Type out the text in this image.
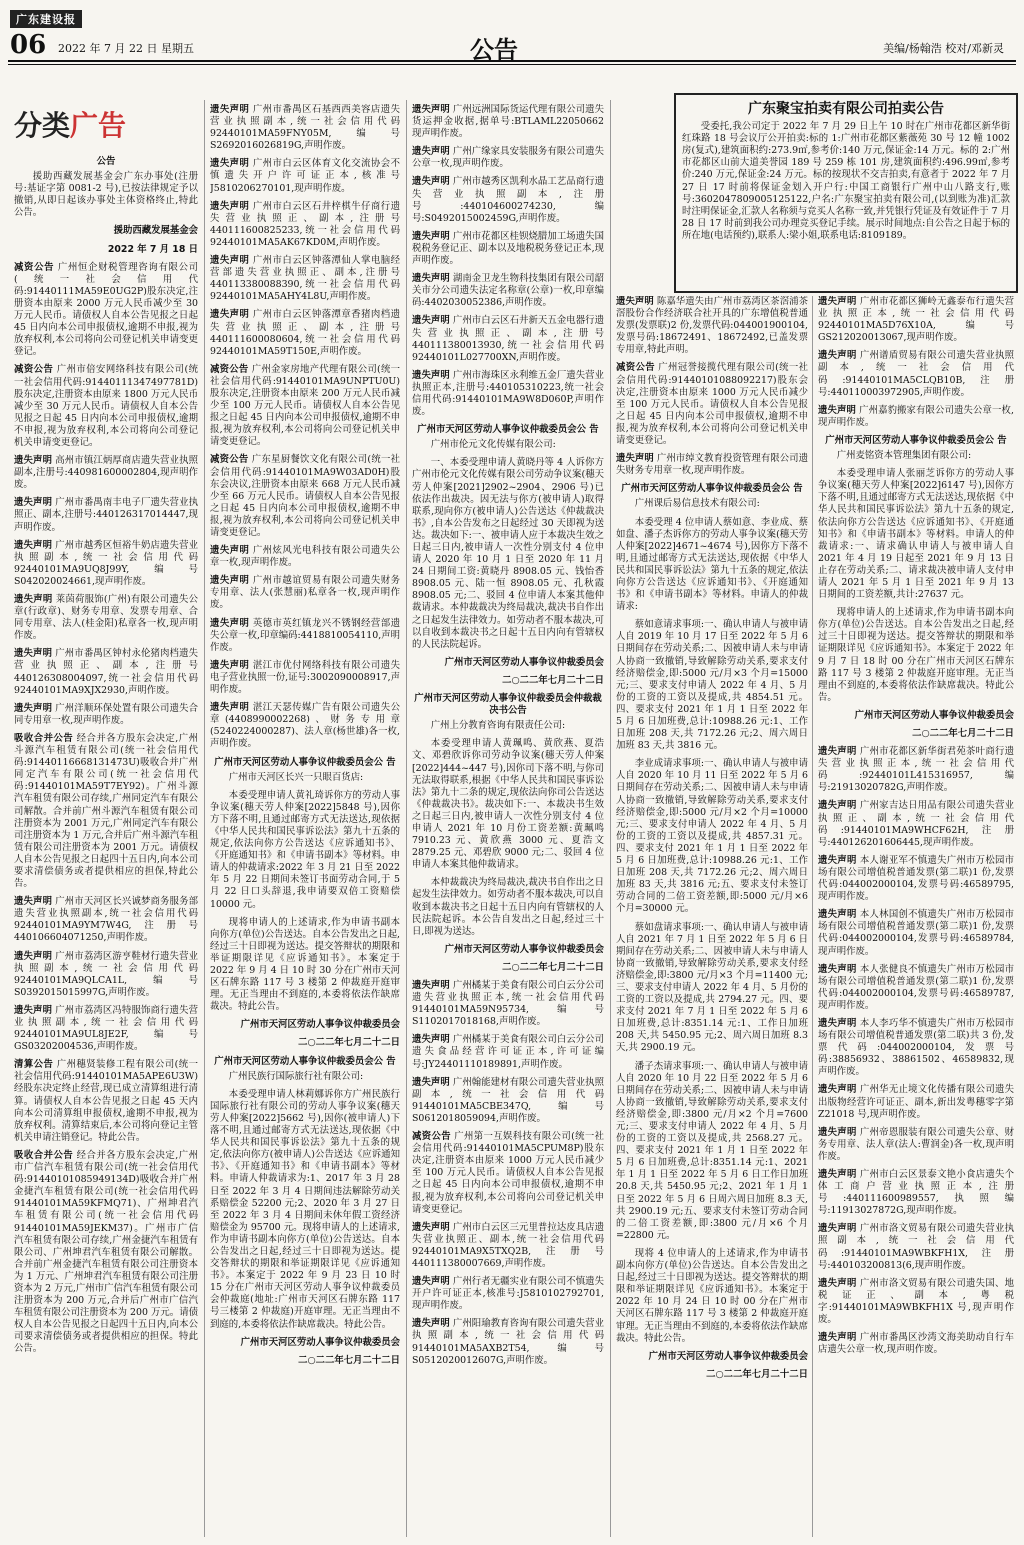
广东建设报
06 2022 年 7 月 22 日 星期五	公告	美编/杨翰浩 校对/邓新灵
分类广告
公告

援助西藏发展基金会广东办事处(注册号:基证字第 0081-2 号),已按法律规定予以撤销,从即日起该办事处主体资格终止,特此公告。

援助西藏发展基金会
2022 年 7 月 18 日

减资公告 广州恒企财税管理咨询有限公司(统一社会信用代码:91440111MA59E0UG2P)股东决定,注册资本由原来 2000 万元人民币减少至 30 万元人民币。请债权人自本公告见报之日起 45 日内向本公司申报债权,逾期不申报,视为放弃权利,本公司将向公司登记机关申请变更登记。

减资公告 广州市倍安网络科技有限公司(统一社会信用代码:91440111347497781D)股东决定,注册资本由原来 1800 万元人民币减少至 30 万元人民币。请债权人自本公告见报之日起 45 日内向本公司申报债权,逾期不申报,视为放弃权利,本公司将向公司登记机关申请变更登记。

遗失声明 高州市镇江炳厚商店遗失营业执照副本,注册号:440981600002804,现声明作废。

遗失声明 广州市番禺南丰电子厂遗失营业执照正、副本,注册号:440126317014447,现声明作废。

遗失声明 广州市越秀区恒裕牛奶店遗失营业执照副本,统一社会信用代码 92440101MA9UQ8J99Y,编号 S042020024661,现声明作废。

遗失声明 莱茵荷服饰(广州)有限公司遗失公章(行政章)、财务专用章、发票专用章、合同专用章、法人(桂金阳)私章各一枚,现声明作废。

遗失声明 广州市番禺区钟村永伦猪肉档遗失营业执照正、副本,注册号 440126308004097,统一社会信用代码 92440101MA9XJX2930,声明作废。

遗失声明 广州洋顺环保处置有限公司遗失合同专用章一枚,现声明作废。

吸收合并公告 经合并各方股东会决定,广州斗源汽车租赁有限公司(统一社会信用代码:91440116668131473U)吸收合并广州同定汽车有限公司(统一社会信用代码:91440101MA59T7EY92)。广州斗源汽车租赁有限公司存续,广州同定汽车有限公司解散。合并前广州斗源汽车租赁有限公司注册资本为 2001 万元,广州同定汽车有限公司注册资本为 1 万元,合并后广州斗源汽车租赁有限公司注册资本为 2001 万元。请债权人自本公告见报之日起四十五日内,向本公司要求清偿债务或者提供相应的担保,特此公告。

遗失声明 广州市天河区长兴诚梦商务服务部遗失营业执照副本,统一社会信用代码 92440101MA9YM7W4G,注册号 440106604071250,声明作废。

遗失声明 广州市荔湾区游亨鞋材行遗失营业执照副本,统一社会信用代码 92440101MA9QLCA1L,编号 S0392015015997G,声明作废。

遗失声明 广州市荔湾区冯特服饰商行遗失营业执照副本,统一社会信用代码 92440101MA9UL8JE2F,编号 GS03202004536,声明作废。

清算公告 广州穗贤装修工程有限公司(统一社会信用代码:91440101MA5APE6U3W)经股东决定终止经营,现已成立清算组进行清算。请债权人自本公告见报之日起 45 天内向本公司清算组申报债权,逾期不申报,视为放弃权利。清算结束后,本公司将向登记主管机关申请注销登记。特此公告。

吸收合并公告 经合并各方股东会决定,广州市广信汽车租赁有限公司(统一社会信用代码:91440101085949134D)吸收合并广州金捷汽车租赁有限公司(统一社会信用代码 91440101MA59KFMQ71)、广州坤君汽车租赁有限公司(统一社会信用代码 91440101MA59JEKM37)。广州市广信汽车租赁有限公司存续,广州金捷汽车租赁有限公司、广州坤君汽车租赁有限公司解散。合并前广州金捷汽车租赁有限公司注册资本为 1 万元、广州坤君汽车租赁有限公司注册资本为 2 万元,广州市广信汽车租赁有限公司注册资本为 200 万元,合并后广州市广信汽车租赁有限公司注册资本为 200 万元。请债权人自本公告见报之日起四十五日内,向本公司要求清偿债务或者提供相应的担保。特此公告。

遗失声明 广州市番禺区石基西西美容店遗失营业执照副本,统一社会信用代码 92440101MA59FNY05M,编号 S2692016026819G,声明作废。

遗失声明 广州市白云区体育文化交流协会不慎遗失开户许可证正本,核准号 J5810206270101,现声明作废。

遗失声明 广州市白云区石井梓棋牛仔商行遗失营业执照正、副本,注册号 440111600825233,统一社会信用代码 92440101MA5AK67KD0M,声明作废。

遗失声明 广州市白云区钟落潭仙人掌电脑经营部遗失营业执照正、副本,注册号 440113380088390,统一社会信用代码 92440101MA5AHY4L8U,声明作废。

遗失声明 广州市白云区钟落潭章香猪肉档遗失营业执照正、副本,注册号 440111600080604,统一社会信用代码 92440101MA59T150E,声明作废。

减资公告 广州金家房地产代理有限公司(统一社会信用代码:91440101MA9UNPTU0U)股东决定,注册资本由原来 200 万元人民币减少至 100 万元人民币。请债权人自本公告见报之日起 45 日内向本公司申报债权,逾期不申报,视为放弃权利,本公司将向公司登记机关申请变更登记。

减资公告 广东星厨餐饮文化有限公司(统一社会信用代码:91440101MA9W03AD0H)股东会决议,注册资本由原来 668 万元人民币减少至 66 万元人民币。请债权人自本公告见报之日起 45 日内向本公司申报债权,逾期不申报,视为放弃权利,本公司将向公司登记机关申请变更登记。

遗失声明 广州炫风光电科技有限公司遗失公章一枚,现声明作废。

遗失声明 广州市越谊贸易有限公司遗失财务专用章、法人(张慧丽)私章各一枚,现声明作废。

遗失声明 英德市英红镇龙兴不锈钢经营部遗失公章一枚,印章编码:4418810054110,声明作废。

遗失声明 湛江市优付网络科技有限公司遗失电子营业执照一份,证号:3002090008917,声明作废。

遗失声明 湛江天瑟传媒广告有限公司遗失公章(4408990002268)、财务专用章(5240224000287)、法人章(杨世雄)各一枚,声明作废。

广州市天河区劳动人事争议仲裁委员会公 告

广州市天河区长兴一只眼百货店:

本委受理申请人黄礼琦诉你方的劳动人事争议案(穗天劳人仲案[2022]5848 号),因你方下落不明,且通过邮寄方式无法送达,现依据《中华人民共和国民事诉讼法》第九十五条的规定,依法向你方公告送达《应诉通知书》、《开庭通知书》和《申请书副本》等材料。申请人的仲裁请求:2022 年 3 月 21 日至 2022 年 5 月 22 日期间未签订书面劳动合同,于 5 月 22 日口头辞退,我申请要双倍工资赔偿 10000 元。

现将申请人的上述请求,作为申请书副本向你方(单位)公告送达。自本公告发出之日起,经过三十日即视为送达。提交答辩状的期限和举证期限详见《应诉通知书》。本案定于 2022 年 9 月 4 日 10 时 30 分在广州市天河区石牌东路 117 号 3 楼第 2 仲裁庭开庭审理。无正当理由不到庭的,本委将依法作缺席裁决。特此公告。

广州市天河区劳动人事争议仲裁委员会
二○二二年七月二十二日
广州市天河区劳动人事争议仲裁委员会公 告

广州民族行国际旅行社有限公司:

本委受理申请人林莉娜诉你方广州民族行国际旅行社有限公司的劳动人事争议案(穗天劳人仲案[2022]5662 号),因你(被申请人)下落不明,且通过邮寄方式无法送达,现依据《中华人民共和国民事诉讼法》第九十五条的规定,依法向你方(被申请人)公告送达《应诉通知书》、《开庭通知书》和《申请书副本》等材料。申请人仲裁请求为:1、2017 年 3 月 28 日至 2022 年 3 月 4 日期间违法解除劳动关系赔偿金 52200 元;2、2020 年 3 月 27 日至 2022 年 3 月 4 日期间未休年假工资经济赔偿金为 95700 元。现将申请人的上述请求,作为申请书副本向你方(单位)公告送达。自本公告发出之日起,经过三十日即视为送达。提交答辩状的期限和举证期限详见《应诉通知书》。本案定于 2022 年 9 月 23 日 10 时 15 分在广州市天河区劳动人事争议仲裁委员会仲裁庭(地址:广州市天河区石牌东路 117 号三楼第 2 仲裁庭)开庭审理。无正当理由不到庭的,本委将依法作缺席裁决。特此公告。

广州市天河区劳动人事争议仲裁委员会
二○二二年七月二十二日

遗失声明 广州远洲国际货运代理有限公司遗失货运押金收据,据单号:BTLAML22050662 现声明作废。

遗失声明 广州广缘家具安装服务有限公司遗失公章一枚,现声明作废。

遗失声明 广州市越秀区凯利水晶工艺品商行遗失营业执照副本,注册号:440104600274230,编号:S0492015002459G,声明作废。

遗失声明 广州市花都区桂钡烧腊加工场遗失国税税务登记正、副本以及地税税务登记正本,现声明作废。

遗失声明 湖南金卫龙生物科技集团有限公司韶关市分公司遗失法定名称章(公章)一枚,印章编码:4402030052386,声明作废。

遗失声明 广州市白云区石井新天五金电器行遗失营业执照正、副本,注册号 440111380013930,统一社会信用代码 92440101L027700XN,声明作废。

遗失声明 广州市海珠区永利维五金厂遗失营业执照正本,注册号:440105310223,统一社会信用代码:91440101MA9W8D060P,声明作废。

广州市天河区劳动人事争议仲裁委员会公 告

广州市伦元文化传媒有限公司:

一、本委受理申请人黄晓丹等 4 人诉你方广州市伦元文化传媒有限公司劳动争议案(穗天劳人仲案[2021]2902~2904、2906 号)已依法作出裁决。因无法与你方(被申请人)取得联系,现向你方(被申请人)公告送达《仲裁裁决书》,自本公告发布之日起经过 30 天即视为送达。裁决如下:一、被申请人应于本裁决生效之日起三日内,被申请人一次性分别支付 4 位申请人 2020 年 10 月 1 日至 2020 年 11 月 24 日期间工资:黄晓丹 8908.05 元、钱怡香 8908.05 元、陆一恒 8908.05 元、孔秋霞 8908.05 元;二、驳回 4 位申请人本案其他仲裁请求。本仲裁裁决为终局裁决,裁决书自作出之日起发生法律效力。如劳动者不服本裁决,可以自收到本裁决书之日起十五日内向有管辖权的人民法院起诉。

广州市天河区劳动人事争议仲裁委员会
二○二二年七月二十二日
广州市天河区劳动人事争议仲裁委员会仲裁裁决书公告

广州上分教育咨询有限责任公司:

本委受理申请人黄珮鸣、黄欣燕、夏浩文、邓碧欣诉你司劳动争议案(穗天劳人仲案[2022]444~447 号),因你司下落不明,与你司无法取得联系,根据《中华人民共和国民事诉讼法》第九十二条的规定,现依法向你司公告送达《仲裁裁决书》。裁决如下:一、本裁决书生效之日起三日内,被申请人一次性分别支付 4 位申请人 2021 年 10 月份工资差额:黄珮鸣 7910.23 元、黄欣燕 3000 元、夏浩文 2879.25 元、邓碧欣 9000 元;二、驳回 4 位申请人本案其他仲裁请求。

本仲裁裁决为终局裁决,裁决书自作出之日起发生法律效力。如劳动者不服本裁决,可以自收到本裁决书之日起十五日内向有管辖权的人民法院起诉。本公告自发出之日起,经过三十日,即视为送达。

广州市天河区劳动人事争议仲裁委员会
二○二二年七月二十二日

遗失声明 广州橘某于美食有限公司白云分公司遗失营业执照正本,统一社会信用代码 91440101MA59N95734,编号 S1102017018168,声明作废。

遗失声明 广州橘某于美食有限公司白云分公司遗失食品经营许可证正本,许可证编号:JY24401110189891,声明作废。

遗失声明 广州翰能建材有限公司遗失营业执照副本,统一社会信用代码 91440101MA5CBE347Q,编号 S0612018059094,声明作废。

减资公告 广州第一互娱科技有限公司(统一社会信用代码:91440101MA5CPUM8P)股东决定,注册资本由原来 1000 万元人民币减少至 100 万元人民币。请债权人自本公告见报之日起 45 日内向本公司申报债权,逾期不申报,视为放弃权利,本公司将向公司登记机关申请变更登记。

遗失声明 广州市白云区三元里普拉达皮具店遗失营业执照正、副本,统一社会信用代码 92440101MA9X5TXQ2B,注册号 440111380007669,声明作废。

遗失声明 广州行者无疆实业有限公司不慎遗失开户许可证正本,核准号:J5810102792701,现声明作废。

遗失声明 广州阳瑜教育咨询有限公司遗失营业执照副本,统一社会信用代码 91440101MA5AXB2T54,编号 S0512020012607G,声明作废。

遗失声明 陈嘉华遗失由广州市荔湾区茶滘浦茶滘股份合作经济联合社开具的广东增值税普通发票(发票联)2 份,发票代码:044001900104,发票号码:18672491、18672492,已盖发票专用章,特此声明。

减资公告 广州冠誉接揽代理有限公司(统一社会信用代码:91440101088092217)股东会决定,注册资本由原来 1000 万元人民币减少至 100 万元人民币。请债权人自本公告见报之日起 45 日内向本公司申报债权,逾期不申报,视为放弃权利,本公司将向公司登记机关申请变更登记。

遗失声明 广州市绰文教育投资管理有限公司遗失财务专用章一枚,现声明作废。

广州市天河区劳动人事争议仲裁委员会公 告

广州课后易信息技术有限公司:

本委受理 4 位申请人蔡如意、李业成、蔡如盘、潘子杰诉你方的劳动人事争议案(穗天劳人仲案[2022]4671~4674 号),因你方下落不明,且通过邮寄方式无法送达,现依据《中华人民共和国民事诉讼法》第九十五条的规定,依法向你方公告送达《应诉通知书》、《开庭通知书》和《申请书副本》等材料。申请人的仲裁请求:

蔡如意请求事项:一、确认申请人与被申请人自 2019 年 10 月 17 日至 2022 年 5 月 6 日期间存在劳动关系;二、因被申请人未与申请人协商一致撤销,导致解除劳动关系,要求支付经济赔偿金,即:5000 元/月×3 个月=15000 元;三、要求支付申请人 2022 年 4 月、5 月份的工资的工资以及提成,共 4854.51 元。四、要求支付 2021 年 1 月 1 日至 2022 年 5 月 6 日加班费,总计:10988.26 元:1、工作日加班 208 天,共 7172.26 元;2、周六周日加班 83 天,共 3816 元。

李业成请求事项:一、确认申请人与被申请人自 2020 年 10 月 11 日至 2022 年 5 月 6 日期间存在劳动关系;二、因被申请人未与申请人协商一致撤销,导致解除劳动关系,要求支付经济赔偿金,即:5000 元/月×2 个月=10000 元;三、要求支付申请人 2022 年 4 月、5 月份的工资的工资以及提成,共 4857.31 元。四、要求支付 2021 年 1 月 1 日至 2022 年 5 月 6 日加班费,总计:10988.26 元:1、工作日加班 208 天,共 7172.26 元;2、周六周日加班 83 天,共 3816 元;五、要求支付未签订劳动合同的二倍工资差额,即:5000 元/月×6 个月=30000 元。

蔡如盘请求事项:一、确认申请人与被申请人自 2021 年 7 月 1 日至 2022 年 5 月 6 日期间存在劳动关系;二、因被申请人未与申请人协商一致撤销,导致解除劳动关系,要求支付经济赔偿金,即:3800 元/月×3 个月=11400 元;三、要求支付申请人 2022 年 4 月、5 月份的工资的工资以及提成,共 2794.27 元。四、要求支付 2021 年 7 月 1 日至 2022 年 5 月 6 日加班费,总计:8351.14 元:1、工作日加班 208 天,共 5450.95 元;2、周六周日加班 8.3 天,共 2900.19 元。

潘子杰请求事项:一、确认申请人与被申请人自 2020 年 10 月 22 日至 2022 年 5 月 6 日期间存在劳动关系;二、因被申请人未与申请人协商一致撤销,导致解除劳动关系,要求支付经济赔偿金,即:3800 元/月×2 个月=7600 元;三、要求支付申请人 2022 年 4 月、5 月份的工资的工资以及提成,共 2568.27 元。四、要求支付 2021 年 1 月 1 日至 2022 年 5 月 6 日加班费,总计:8351.14 元:1、2021 年 1 月 1 日至 2022 年 5 月 6 日工作日加班 20.8 天,共 5450.95 元;2、2021 年 1 月 1 日至 2022 年 5 月 6 日周六周日加班 8.3 天,共 2900.19 元;五、要求支付未签订劳动合同的二倍工资差额,即:3800 元/月×6 个月=22800 元。

现将 4 位申请人的上述请求,作为申请书副本向你方(单位)公告送达。自本公告发出之日起,经过三十日即视为送达。提交答辩状的期限和举证期限详见《应诉通知书》。本案定于 2022 年 10 月 24 日 10 时 00 分在广州市天河区石牌东路 117 号 3 楼第 2 仲裁庭开庭审理。无正当理由不到庭的,本委将依法作缺席裁决。特此公告。

广州市天河区劳动人事争议仲裁委员会
二○二二年七月二十二日

遗失声明 广州市花都区狮岭无鑫泰布行遗失营业执照正本,统一社会信用代码 92440101MA5D76X10A,编号 GS212020013067,现声明作废。

遗失声明 广州谱盾贸易有限公司遗失营业执照副本,统一社会信用代码:91440101MA5CLQB10B,注册号:440110003972905,声明作废。

遗失声明 广州嘉豹搬家有限公司遗失公章一枚,现声明作废。

广州市天河区劳动人事争议仲裁委员会公 告

广州麦铭资本管理集团有限公司:

本委受理申请人张丽芝诉你方的劳动人事争议案(穗天劳人仲案[2022]6147 号),因你方下落不明,且通过邮寄方式无法送达,现依据《中华人民共和国民事诉讼法》第九十五条的规定,依法向你方公告送达《应诉通知书》、《开庭通知书》和《申请书副本》等材料。申请人的仲裁请求:一、请求确认申请人与被申请人自 2021 年 4 月 19 日起至 2021 年 9 月 13 日止存在劳动关系;二、请求裁决被申请人支付申请人 2021 年 5 月 1 日至 2021 年 9 月 13 日期间的工资差额,共计:27637 元。

现将申请人的上述请求,作为申请书副本向你方(单位)公告送达。自本公告发出之日起,经过三十日即视为送达。提交答辩状的期限和举证期限详见《应诉通知书》。本案定于 2022 年 9 月 7 日 18 时 00 分在广州市天河区石牌东路 117 号 3 楼第 2 仲裁庭开庭审理。无正当理由不到庭的,本委将依法作缺席裁决。特此公告。

广州市天河区劳动人事争议仲裁委员会
二○二二年七月二十二日

遗失声明 广州市花都区新华街君苑茶叶商行遗失营业执照正本,统一社会信用代码:92440101L415316957,编号:21913020782G,声明作废。

遗失声明 广州家吉达日用品有限公司遗失营业执照正、副本,统一社会信用代码:91440101MA9WHCF62H,注册号:440126201606445,现声明作废。

遗失声明 本人谢亚军不慎遗失广州市万松园市场有限公司增值税普通发票(第二联)1 份,发票代码:044002000104,发票号码:46589795,现声明作废。

遗失声明 本人林国创不慎遗失广州市万松园市场有限公司增值税普通发票(第二联)1 份,发票代码:044002000104,发票号码:46589784,现声明作废。

遗失声明 本人张健良不慎遗失广州市万松园市场有限公司增值税普通发票(第二联)1 份,发票代码:044002000104,发票号码:46589787,现声明作废。

遗失声明 本人李巧华不慎遗失广州市万松园市场有限公司增值税普通发票(第二联)共 3 份,发票代码:044002000104,发票号码:38856932、38861502、46589832,现声明作废。

遗失声明 广州华无止境文化传播有限公司遗失出版物经营许可证正、副本,新出发粤穗零字第 Z21018 号,现声明作废。

遗失声明 广州帝恩服装有限公司遗失公章、财务专用章、法人章(法人:曹润金)各一枚,现声明作废。

遗失声明 广州市白云区景泰文艳小食店遗失个体工商户营业执照正本,注册号:440111600989557,执照编号:11913027872G,现声明作废。

遗失声明 广州市洛文贸易有限公司遗失营业执照副本,统一社会信用代码:91440101MA9WBKFH1X,注册号:440103200813(6,现声明作废。

遗失声明 广州市洛文贸易有限公司遗失国、地税证正、副本,粤税字:91440101MA9WBKFH1X 号,现声明作废。

遗失声明 广州市番禺区沙湾文海美助动自行车店遗失公章一枚,现声明作废。

广东聚宝拍卖有限公司拍卖公告
受委托,我公司定于 2022 年 7 月 29 日上午 10 时在广州市花都区新华街红珠路 18 号会议厅公开拍卖:标的 1:广州市花都区紫薇苑 30 号 12 幢 1002 房(复式),建筑面积约:273.9㎡,参考价:140 万元,保证金:14 万元。标的 2:广州市花都区山前大道美誉园 189 号 259 栋 101 房,建筑面积约:496.99㎡,参考价:240 万元,保证金:24 万元。标的按现状不交吉拍卖,有意者于 2022 年 7 月 27 日 17 时前将保证金划入开户行:中国工商银行广州中山八路支行,账号:3602047809005125122,户名:广东聚宝拍卖有限公司,(以到账为准)汇款时注明保证金,汇款人名称须与竞买人名称一致,并凭银行凭证及有效证件于 7 月 28 日 17 时前到我公司办理竞买登记手续。展示时间地点:自公告之日起于标的所在地(电话预约),联系人:梁小姐,联系电话:8109189。
